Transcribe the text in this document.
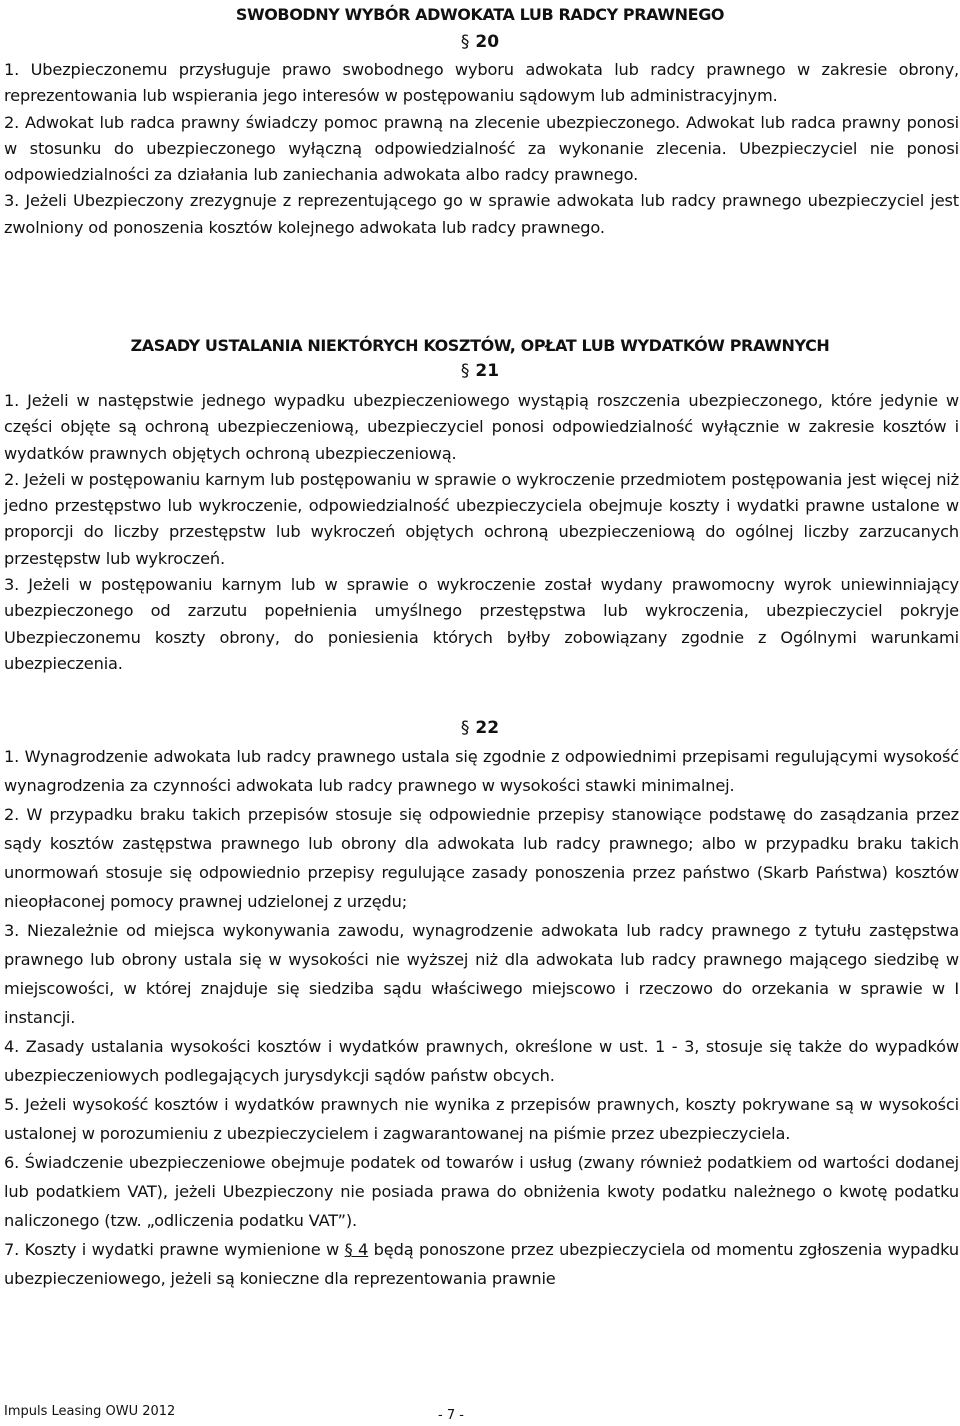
SWOBODNY WYBÓR ADWOKATA LUB RADCY PRAWNEGO
§ 20

1. Ubezpieczonemu przysługuje prawo swobodnego wyboru adwokata lub radcy prawnego w zakresie obrony, reprezentowania lub wspierania jego interesów w postępowaniu sądowym lub administracyjnym.

2. Adwokat lub radca prawny świadczy pomoc prawną na zlecenie ubezpieczonego. Adwokat lub radca prawny ponosi w stosunku do ubezpieczonego wyłączną odpowiedzialność za wykonanie zlecenia. Ubezpieczyciel nie ponosi odpowiedzialności za działania lub zaniechania adwokata albo radcy prawnego.

3. Jeżeli Ubezpieczony zrezygnuje z reprezentującego go w sprawie adwokata lub radcy prawnego ubezpieczyciel jest zwolniony od ponoszenia kosztów kolejnego adwokata lub radcy prawnego.

ZASADY USTALANIA NIEKTÓRYCH KOSZTÓW, OPŁAT LUB WYDATKÓW PRAWNYCH
§ 21

1. Jeżeli w następstwie jednego wypadku ubezpieczeniowego wystąpią roszczenia ubezpieczonego, które jedynie w części objęte są ochroną ubezpieczeniową, ubezpieczyciel ponosi odpowiedzialność wyłącznie w zakresie kosztów i wydatków prawnych objętych ochroną ubezpieczeniową.

2. Jeżeli w postępowaniu karnym lub postępowaniu w sprawie o wykroczenie przedmiotem postępowania jest więcej niż jedno przestępstwo lub wykroczenie, odpowiedzialność ubezpieczyciela obejmuje koszty i wydatki prawne ustalone w proporcji do liczby przestępstw lub wykroczeń objętych ochroną ubezpieczeniową do ogólnej liczby zarzucanych przestępstw lub wykroczeń.

3. Jeżeli w postępowaniu karnym lub w sprawie o wykroczenie został wydany prawomocny wyrok uniewinniający ubezpieczonego od zarzutu popełnienia umyślnego przestępstwa lub wykroczenia, ubezpieczyciel pokryje Ubezpieczonemu koszty obrony, do poniesienia których byłby zobowiązany zgodnie z Ogólnymi warunkami ubezpieczenia.

§ 22

1. Wynagrodzenie adwokata lub radcy prawnego ustala się zgodnie z odpowiednimi przepisami regulującymi wysokość wynagrodzenia za czynności adwokata lub radcy prawnego w wysokości stawki minimalnej.

2. W przypadku braku takich przepisów stosuje się odpowiednie przepisy stanowiące podstawę do zasądzania przez sądy kosztów zastępstwa prawnego lub obrony dla adwokata lub radcy prawnego; albo w przypadku braku takich unormowań stosuje się odpowiednio przepisy regulujące zasady ponoszenia przez państwo (Skarb Państwa) kosztów nieopłaconej pomocy prawnej udzielonej z urzędu;

3. Niezależnie od miejsca wykonywania zawodu, wynagrodzenie adwokata lub radcy prawnego z tytułu zastępstwa prawnego lub obrony ustala się w wysokości nie wyższej niż dla adwokata lub radcy prawnego mającego siedzibę w miejscowości, w której znajduje się siedziba sądu właściwego miejscowo i rzeczowo do orzekania w sprawie w I instancji.

4. Zasady ustalania wysokości kosztów i wydatków prawnych, określone w ust. 1 - 3, stosuje się także do wypadków ubezpieczeniowych podlegających jurysdykcji sądów państw obcych.

5. Jeżeli wysokość kosztów i wydatków prawnych nie wynika z przepisów prawnych, koszty pokrywane są w wysokości ustalonej w porozumieniu z ubezpieczycielem i zagwarantowanej na piśmie przez ubezpieczyciela.

6. Świadczenie ubezpieczeniowe obejmuje podatek od towarów i usług (zwany również podatkiem od wartości dodanej lub podatkiem VAT), jeżeli Ubezpieczony nie posiada prawa do obniżenia kwoty podatku należnego o kwotę podatku naliczonego (tzw. „odliczenia podatku VAT”).

7. Koszty i wydatki prawne wymienione w § 4 będą ponoszone przez ubezpieczyciela od momentu zgłoszenia wypadku ubezpieczeniowego, jeżeli są konieczne dla reprezentowania prawnie

Impuls Leasing OWU 2012	- 7 -
